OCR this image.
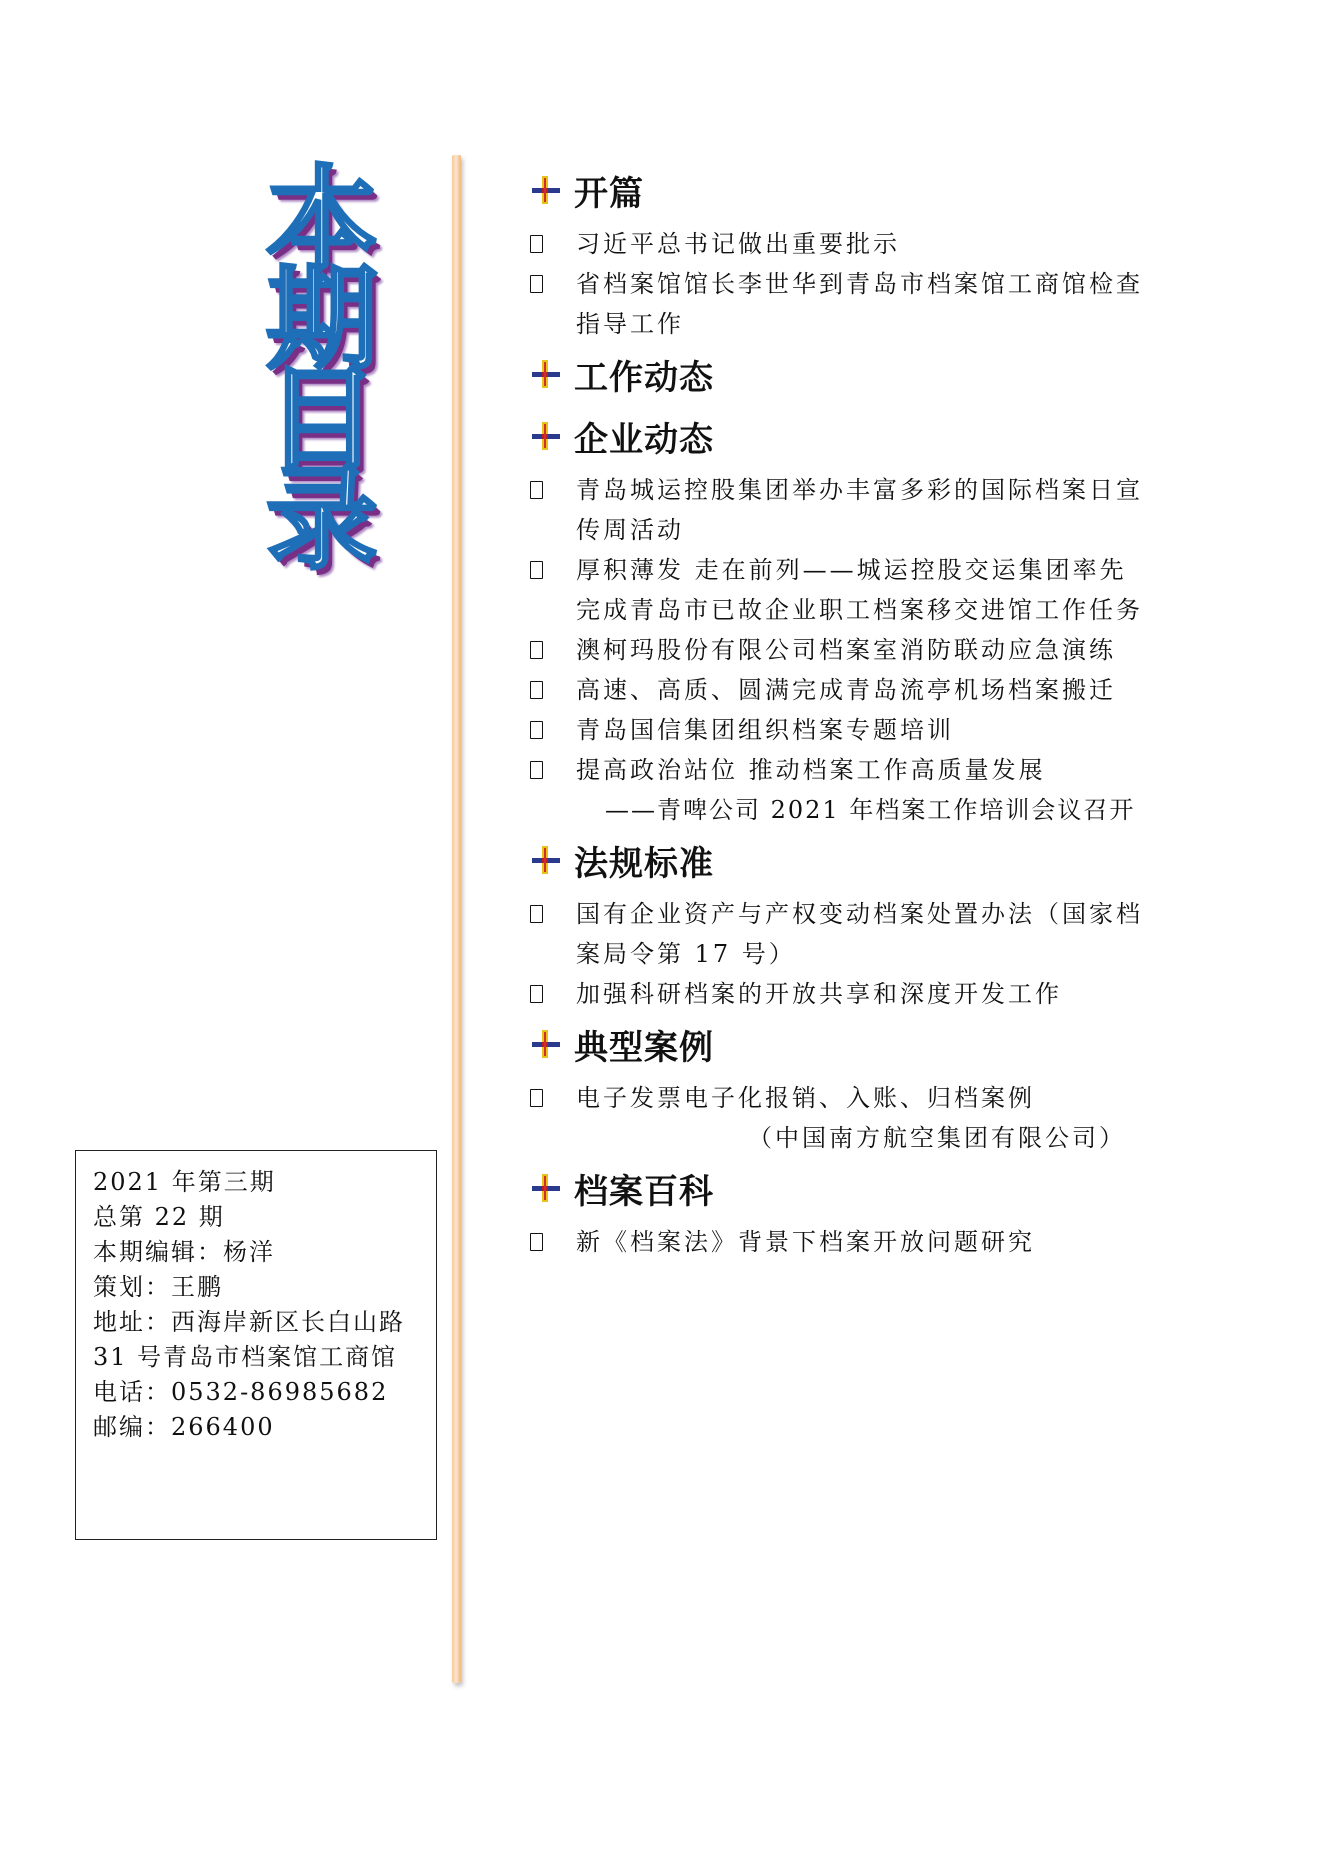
本
期
目
录
2021 年第三期
总第 22 期
本期编辑：杨洋
策划：王鹏
地址：西海岸新区长白山路
31 号青岛市档案馆工商馆
电话：0532-86985682
邮编：266400
开篇
习近平总书记做出重要批示
省档案馆馆长李世华到青岛市档案馆工商馆检查指导工作
工作动态
企业动态
青岛城运控股集团举办丰富多彩的国际档案日宣传周活动
厚积薄发 走在前列——城运控股交运集团率先完成青岛市已故企业职工档案移交进馆工作任务
澳柯玛股份有限公司档案室消防联动应急演练
高速、高质、圆满完成青岛流亭机场档案搬迁
青岛国信集团组织档案专题培训
提高政治站位 推动档案工作高质量发展
——青啤公司 2021 年档案工作培训会议召开
法规标准
国有企业资产与产权变动档案处置办法（国家档案局令第 17 号）
加强科研档案的开放共享和深度开发工作
典型案例
电子发票电子化报销、入账、归档案例
（中国南方航空集团有限公司）
档案百科
新《档案法》背景下档案开放问题研究
